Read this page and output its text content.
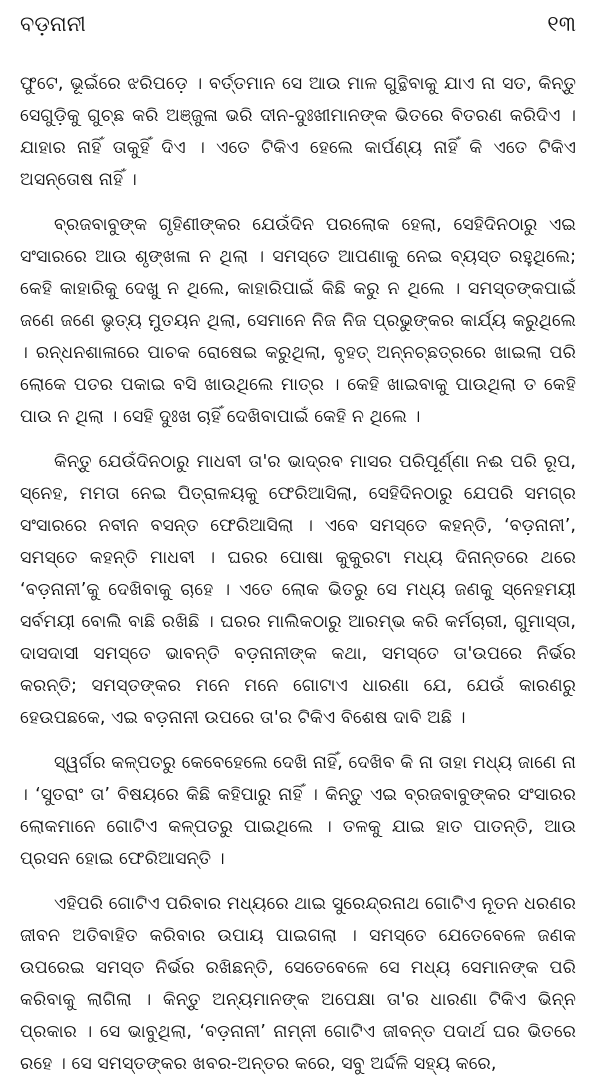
ବଡ଼ନାନୀ	୧୩

ଫୁଟେ, ଭୂଇଁରେ ଝରିପଡ଼େ । ବର୍ତ୍ତମାନ ସେ ଆଉ ମାଳ ଗୁନ୍ଥିବାକୁ ଯାଏ ନା ସତ, କିନ୍ତୁ ସେଗୁଡ଼ିକୁ ଗୁଚ୍ଛ କରି ଅଞ୍ଜୁଳା ଭରି ଦୀନ-ଦୁଃଖୀମାନଙ୍କ ଭିତରେ ବିତରଣ କରିଦିଏ । ଯାହାର ନାହିଁ ତାକୁହିଁ ଦିଏ । ଏତେ ଟିକିଏ ହେଲେ କାର୍ପଣ୍ୟ ନାହିଁ କି ଏତେ ଟିକିଏ ଅସନ୍ତୋଷ ନାହିଁ ।

ବ୍ରଜବାବୁଙ୍କ ଗୃହିଣୀଙ୍କର ଯେଉଁଦିନ ପରଲୋକ ହେଲା, ସେହିଦିନଠାରୁ ଏଇ ସଂସାରରେ ଆଉ ଶୃଙ୍ଖଳା ନ ଥିଲା । ସମସ୍ତେ ଆପଣାକୁ ନେଇ ବ୍ୟସ୍ତ ରହୁଥିଲେ; କେହି କାହାରିକୁ ଦେଖୁ ନ ଥିଲେ, କାହାରିପାଇଁ କିଛି କରୁ ନ ଥିଲେ । ସମସ୍ତଙ୍କପାଇଁ ଜଣେ ଜଣେ ଭୃତ୍ୟ ମୁତୟନ ଥିଲା, ସେମାନେ ନିଜ ନିଜ ପ୍ରଭୁଙ୍କର କାର୍ଯ୍ୟ କରୁଥିଲେ । ରନ୍ଧନଶାଳାରେ ପାଚକ ରୋଷେଇ କରୁଥିଲା, ବୃହତ୍ ଅନ୍ନଚ୍ଛତ୍ରରେ ଖାଇଲା ପରି ଲୋକେ ପତର ପକାଇ ବସି ଖାଉଥିଲେ ମାତ୍ର । କେହି ଖାଇବାକୁ ପାଉଥିଲା ତ କେହି ପାଉ ନ ଥିଲା । ସେହି ଦୁଃଖ ଚାହିଁ ଦେଖିବାପାଇଁ କେହି ନ ଥିଲେ ।

କିନ୍ତୁ ଯେଉଁଦିନଠାରୁ ମାଧବୀ ତା'ର ଭାଦ୍ରବ ମାସର ପରିପୂର୍ଣ୍ଣା ନଈ ପରି ରୂପ, ସ୍ନେହ, ମମତା ନେଇ ପିତ୍ରାଳୟକୁ ଫେରିଆସିଲା, ସେହିଦିନଠାରୁ ଯେପରି ସମଗ୍ର ସଂସାରରେ ନବୀନ ବସନ୍ତ ଫେରିଆସିଲା । ଏବେ ସମସ୍ତେ କହନ୍ତି, ‘ବଡ଼ନାନୀ’, ସମସ୍ତେ କହନ୍ତି ମାଧବୀ । ଘରର ପୋଷା କୁକୁରଟା ମଧ୍ୟ ଦିନାନ୍ତରେ ଥରେ ‘ବଡ଼ନାନୀ’କୁ ଦେଖିବାକୁ ଚାହେ । ଏତେ ଲୋକ ଭିତରୁ ସେ ମଧ୍ୟ ଜଣକୁ ସ୍ନେହମୟୀ ସର୍ବମୟୀ ବୋଲି ବାଛି ରଖିଛି । ଘରର ମାଲିକଠାରୁ ଆରମ୍ଭ କରି କର୍ମଚାରୀ, ଗୁମାସ୍ତା, ଦାସଦାସୀ ସମସ୍ତେ ଭାବନ୍ତି ବଡ଼ନାନୀଙ୍କ କଥା, ସମସ୍ତେ ତା'ଉପରେ ନିର୍ଭର କରନ୍ତି; ସମସ୍ତଙ୍କର ମନେ ମନେ ଗୋଟାଏ ଧାରଣା ଯେ, ଯେଉଁ କାରଣରୁ ହେଉପଛକେ, ଏଇ ବଡ଼ନାନୀ ଉପରେ ତା'ର ଟିକିଏ ବିଶେଷ ଦାବି ଅଛି ।

ସ୍ୱର୍ଗର କଳ୍ପତରୁ କେବେହେଲେ ଦେଖି ନାହିଁ, ଦେଖିବ କି ନା ତାହା ମଧ୍ୟ ଜାଣେ ନା । ‘ସୁତରାଂ ତା’ ବିଷୟରେ କିଛି କହିପାରୁ ନାହିଁ । କିନ୍ତୁ ଏଇ ବ୍ରଜବାବୁଙ୍କର ସଂସାରର ଲୋକମାନେ ଗୋଟିଏ କଳ୍ପତରୁ ପାଇଥିଲେ । ତଳକୁ ଯାଇ ହାତ ପାତନ୍ତି, ଆଉ ପ୍ରସନ ହୋଇ ଫେରିଆସନ୍ତି ।

ଏହିପରି ଗୋଟିଏ ପରିବାର ମଧ୍ୟରେ ଥାଇ ସୁରେନ୍ଦ୍ରନାଥ ଗୋଟିଏ ନୂତନ ଧରଣର ଜୀବନ ଅତିବାହିତ କରିବାର ଉପାୟ ପାଇଗଲା । ସମସ୍ତେ ଯେତେବେଳେ ଜଣକ ଉପରେଇ ସମସ୍ତ ନିର୍ଭର ରଖିଛନ୍ତି, ସେତେବେଳେ ସେ ମଧ୍ୟ ସେମାନଙ୍କ ପରି କରିବାକୁ ଲାଗିଲା । କିନ୍ତୁ ଅନ୍ୟମାନଙ୍କ ଅପେକ୍ଷା ତା'ର ଧାରଣା ଟିକିଏ ଭିନ୍ନ ପ୍ରକାର । ସେ ଭାବୁଥିଲା, ‘ବଡ଼ନାନୀ’ ନାମ୍ନୀ ଗୋଟିଏ ଜୀବନ୍ତ ପଦାର୍ଥ ଘର ଭିତରେ ରହେ । ସେ ସମସ୍ତଙ୍କର ଖବର-ଅନ୍ତର କରେ, ସବୁ ଅର୍ଦ୍ଦଳି ସହ୍ୟ କରେ,
